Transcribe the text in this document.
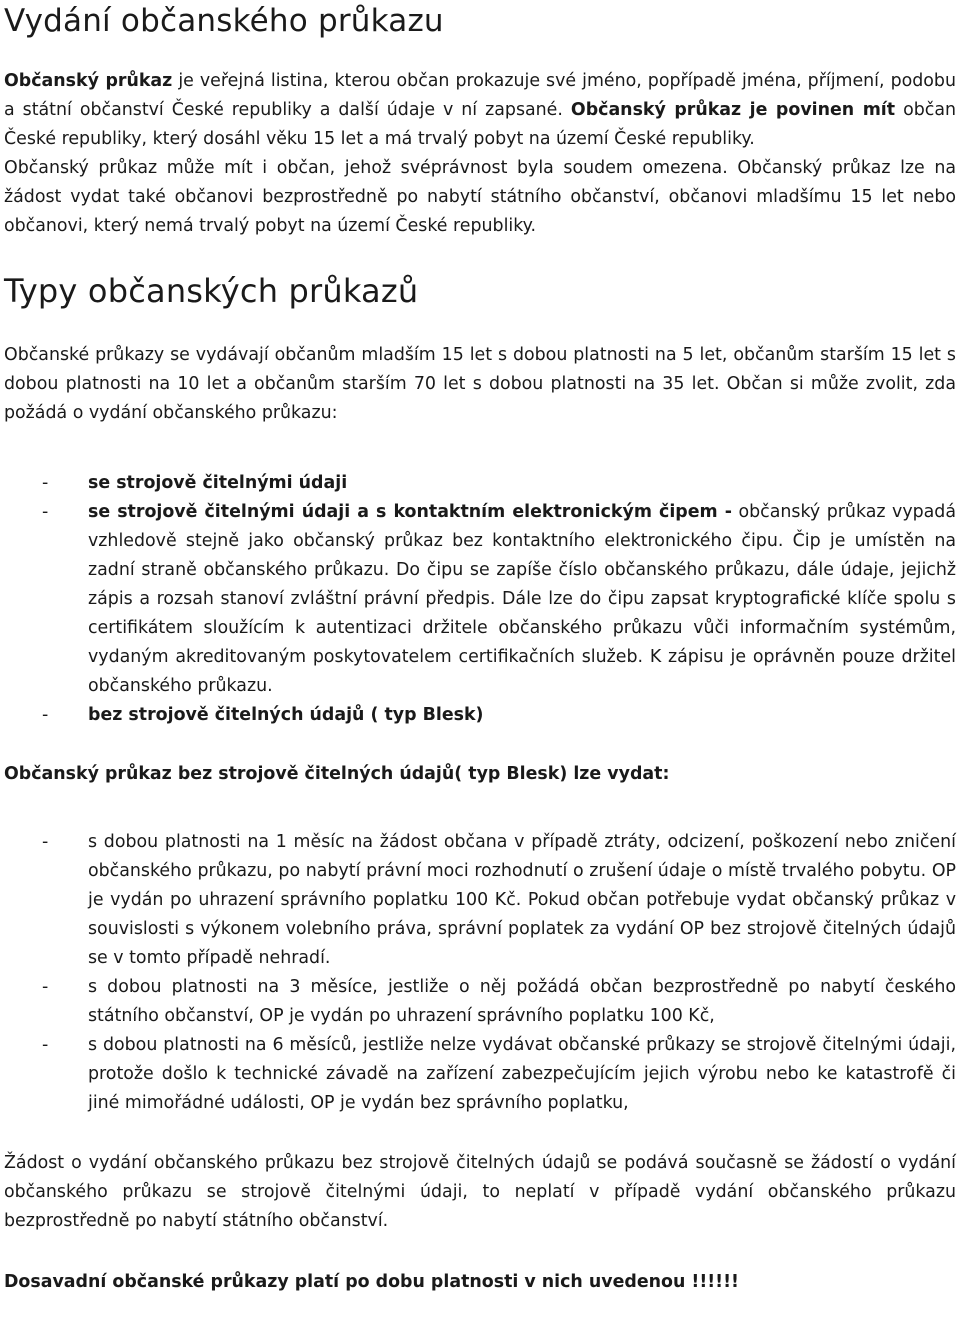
Vydání občanského průkazu

Občanský průkaz je veřejná listina, kterou občan prokazuje své jméno, popřípadě jména, příjmení, podobu a státní občanství České republiky a další údaje v ní zapsané. Občanský průkaz je povinen mít občan České republiky, který dosáhl věku 15 let a má trvalý pobyt na území České republiky.

Občanský průkaz může mít i občan, jehož svéprávnost byla soudem omezena. Občanský průkaz lze na žádost vydat také občanovi bezprostředně po nabytí státního občanství, občanovi mladšímu 15 let nebo občanovi, který nemá trvalý pobyt na území České republiky.

Typy občanských průkazů

Občanské průkazy se vydávají občanům mladším 15 let s dobou platnosti na 5 let, občanům starším 15 let s dobou platnosti na 10 let a občanům starším 70 let s dobou platnosti na 35 let. Občan si může zvolit, zda požádá o vydání občanského průkazu:

- se strojově čitelnými údaji
- se strojově čitelnými údaji a s kontaktním elektronickým čipem - občanský průkaz vypadá vzhledově stejně jako občanský průkaz bez kontaktního elektronického čipu. Čip je umístěn na zadní straně občanského průkazu. Do čipu se zapíše číslo občanského průkazu, dále údaje, jejichž zápis a rozsah stanoví zvláštní právní předpis. Dále lze do čipu zapsat kryptografické klíče spolu s certifikátem sloužícím k autentizaci držitele občanského průkazu vůči informačním systémům, vydaným akreditovaným poskytovatelem certifikačních služeb. K zápisu je oprávněn pouze držitel občanského průkazu.
- bez strojově čitelných údajů ( typ Blesk)
Občanský průkaz bez strojově čitelných údajů( typ Blesk) lze vydat:
- s dobou platnosti na 1 měsíc na žádost občana v případě ztráty, odcizení, poškození nebo zničení občanského průkazu, po nabytí právní moci rozhodnutí o zrušení údaje o místě trvalého pobytu. OP je vydán po uhrazení správního poplatku 100 Kč. Pokud občan potřebuje vydat občanský průkaz v souvislosti s výkonem volebního práva, správní poplatek za vydání OP bez strojově čitelných údajů se v tomto případě nehradí.
- s dobou platnosti na 3 měsíce, jestliže o něj požádá občan bezprostředně po nabytí českého státního občanství, OP je vydán po uhrazení správního poplatku 100 Kč,
- s dobou platnosti na 6 měsíců, jestliže nelze vydávat občanské průkazy se strojově čitelnými údaji, protože došlo k technické závadě na zařízení zabezpečujícím jejich výrobu nebo ke katastrofě či jiné mimořádné události, OP je vydán bez správního poplatku,

Žádost o vydání občanského průkazu bez strojově čitelných údajů se podává současně se žádostí o vydání občanského průkazu se strojově čitelnými údaji, to neplatí v případě vydání občanského průkazu bezprostředně po nabytí státního občanství.

Dosavadní občanské průkazy platí po dobu platnosti v nich uvedenou !!!!!!
